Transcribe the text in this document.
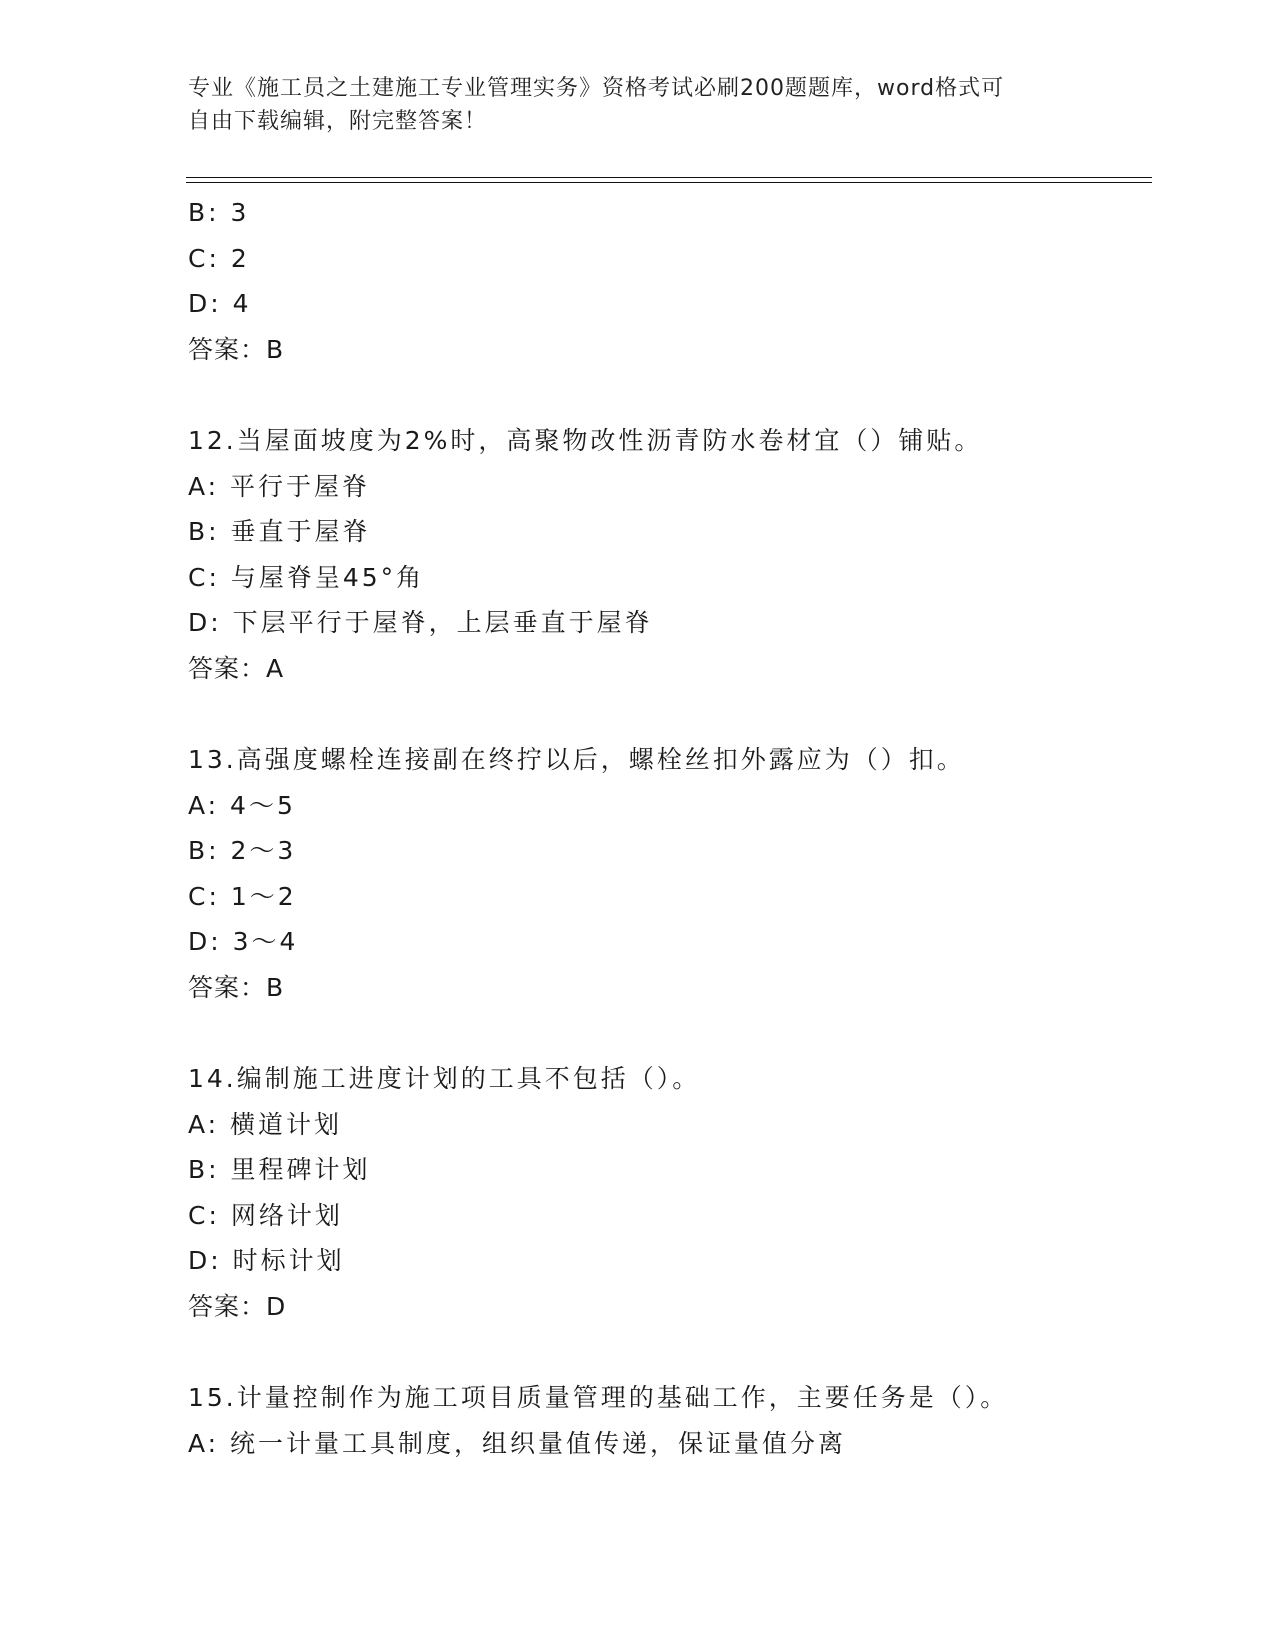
专业《施工员之土建施工专业管理实务》资格考试必刷200题题库，word格式可
自由下载编辑，附完整答案！
B: 3
C: 2
D: 4
答案：B
12.当屋面坡度为2%时，高聚物改性沥青防水卷材宜（）铺贴。
A: 平行于屋脊
B: 垂直于屋脊
C: 与屋脊呈45°角
D: 下层平行于屋脊，上层垂直于屋脊
答案：A
13.高强度螺栓连接副在终拧以后，螺栓丝扣外露应为（）扣。
A: 4～5
B: 2～3
C: 1～2
D: 3～4
答案：B
14.编制施工进度计划的工具不包括（）。
A: 横道计划
B: 里程碑计划
C: 网络计划
D: 时标计划
答案：D
15.计量控制作为施工项目质量管理的基础工作，主要任务是（）。
A: 统一计量工具制度，组织量值传递，保证量值分离
